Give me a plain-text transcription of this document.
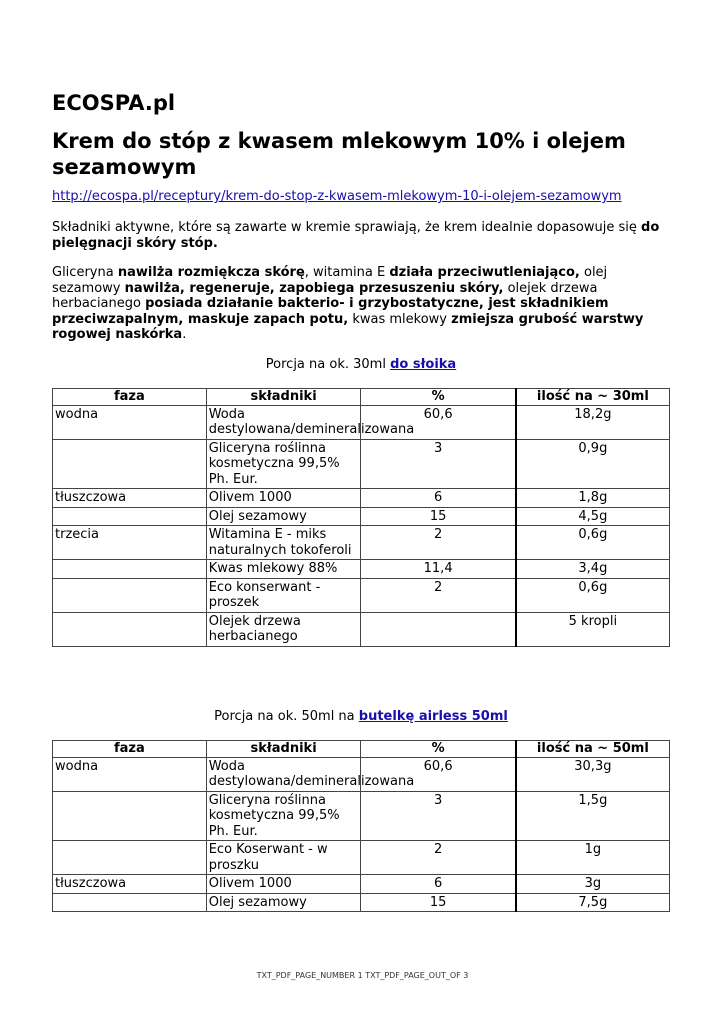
ECOSPA.pl
Krem do stóp z kwasem mlekowym 10% i olejem sezamowym
http://ecospa.pl/receptury/krem-do-stop-z-kwasem-mlekowym-10-i-olejem-sezamowym
Składniki aktywne, które są zawarte w kremie sprawiają, że krem idealnie dopasowuje się do pielęgnacji skóry stóp.
Gliceryna nawilża rozmiękcza skórę, witamina E działa przeciwutleniająco, olej sezamowy nawilża, regeneruje, zapobiega przesuszeniu skóry, olejek drzewa herbacianego posiada działanie bakterio- i grzybostatyczne, jest składnikiem przeciwzapalnym, maskuje zapach potu, kwas mlekowy zmiejsza grubość warstwy rogowej naskórka.
Porcja na ok. 30ml do słoika
faza	składniki	%	ilość na ~ 30ml
wodna	Woda destylowana/demineralizowana	60,6	18,2g
	Gliceryna roślinna kosmetyczna 99,5% Ph. Eur.	3	0,9g
tłuszczowa	Olivem 1000	6	1,8g
	Olej sezamowy	15	4,5g
trzecia	Witamina E - miks naturalnych tokoferoli	2	0,6g
	Kwas mlekowy 88%	11,4	3,4g
	Eco konserwant - proszek	2	0,6g
	Olejek drzewa herbacianego		5 kropli
Porcja na ok. 50ml na butelkę airless 50ml
faza	składniki	%	ilość na ~ 50ml
wodna	Woda destylowana/demineralizowana	60,6	30,3g
	Gliceryna roślinna kosmetyczna 99,5% Ph. Eur.	3	1,5g
	Eco Koserwant - w proszku	2	1g
tłuszczowa	Olivem 1000	6	3g
	Olej sezamowy	15	7,5g
TXT_PDF_PAGE_NUMBER 1 TXT_PDF_PAGE_OUT_OF 3
